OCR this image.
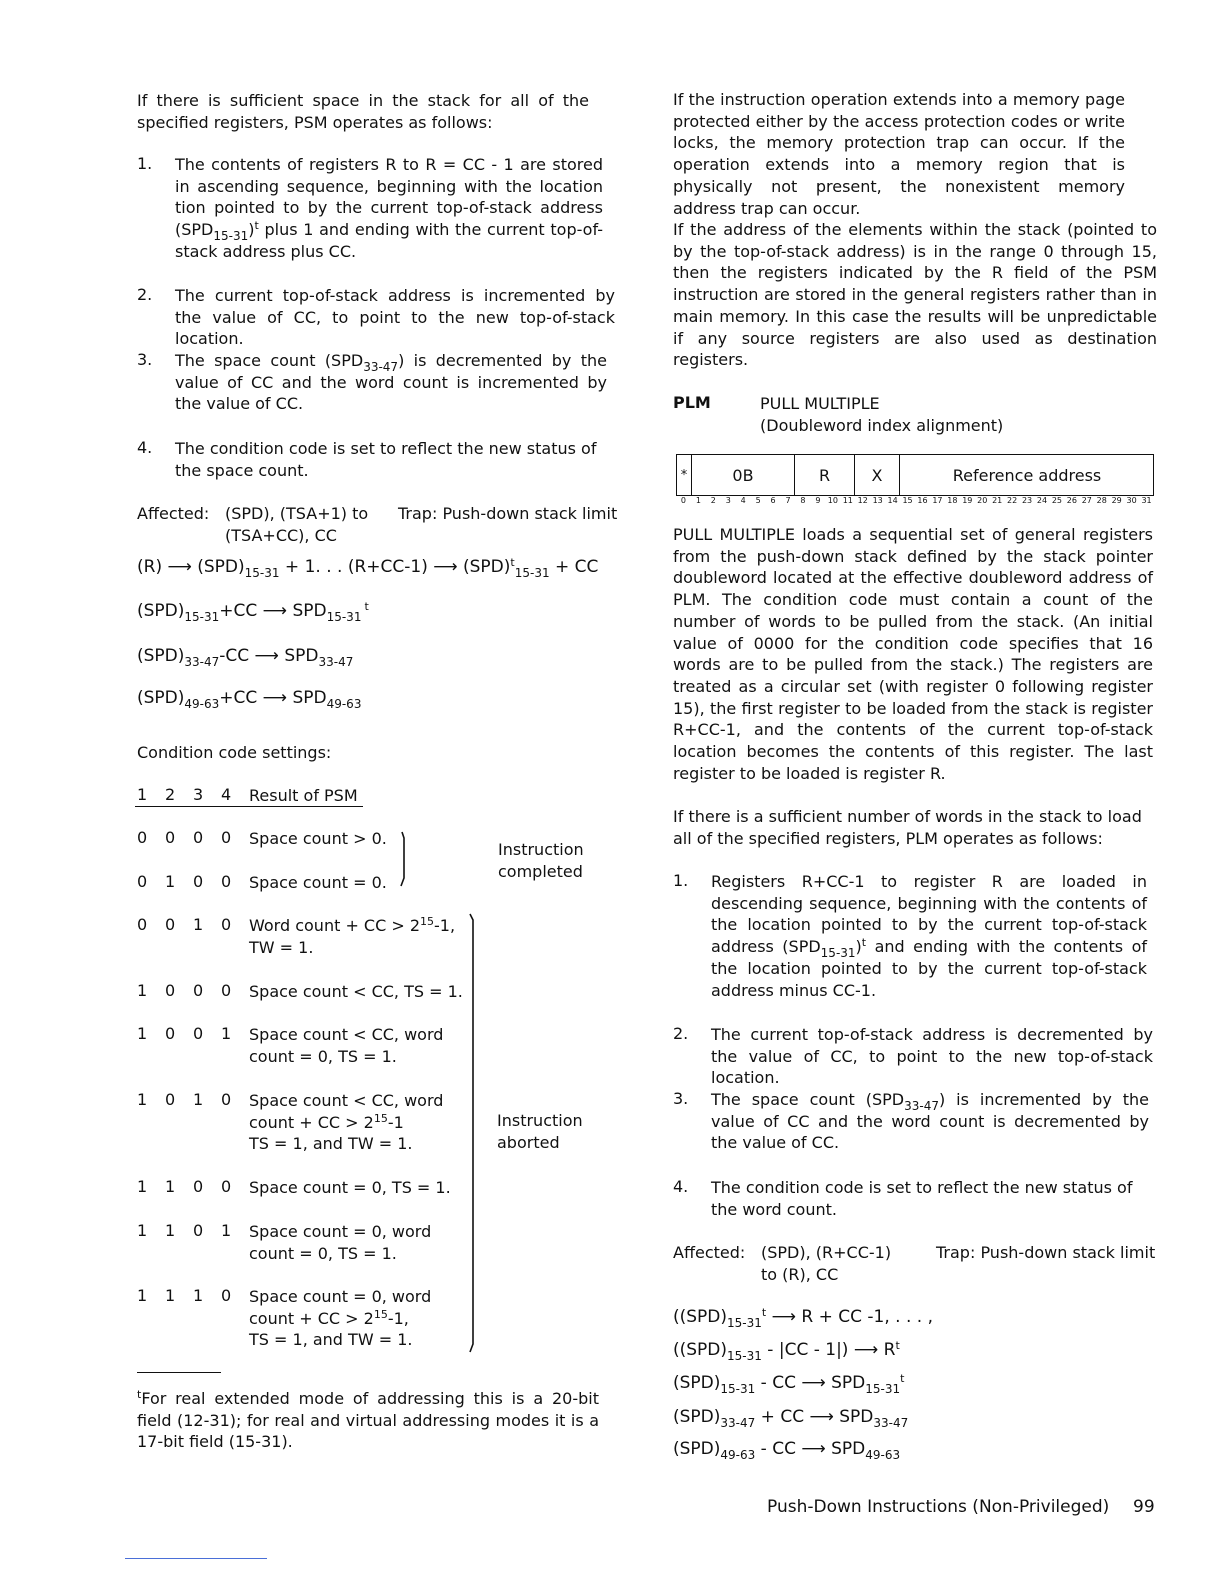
If there is sufficient space in the stack for all of the specified registers, PSM operates as follows:

1. The contents of registers R to R = CC - 1 are stored in ascending sequence, beginning with the location tion pointed to by the current top-of-stack address $(SPD_{15-31})^t$ plus 1 and ending with the current top-of-stack address plus CC.
2. The current top-of-stack address is incremented by the value of CC, to point to the new top-of-stack location.
3. The space count $(SPD_{33-47})$ is decremented by the value of CC and the word count is incremented by the value of CC.
4. The condition code is set to reflect the new status of the space count.
Affected: (SPD), (TSA+1) to
(TSA+CC), CC
Trap: Push-down stack limit
(R) ⟶ $(SPD)_{15-31} + 1$. . . (R+CC-1) ⟶ (SPD)$^t_{15-31}$ + CC
$(SPD)_{15-31}+CC$ ⟶ $SPD_{15-31}^t$
$(SPD)_{33-47}-CC$ ⟶ $SPD_{33-47}$
$(SPD)_{49-63}+CC$ ⟶ $SPD_{49-63}$
Condition code settings:
1 2 3 4 Result of PSM
0 0 0 0 Space count > 0.
0 1 0 0 Space count = 0.
0 0 1 0 Word count + CC > $2^{15}-1$,
TW = 1.
1 0 0 0 Space count < CC, TS = 1.
1 0 0 1 Space count < CC, word
count = 0, TS = 1.
1 0 1 0 Space count < CC, word
count + CC > $2^{15}-1$
TS = 1, and TW = 1.
1 1 0 0 Space count = 0, TS = 1.
1 1 0 1 Space count = 0, word
count = 0, TS = 1.
1 1 1 0 Space count = 0, word
count + CC > $2^{15}-1$,
TS = 1, and TW = 1.
Instruction
completed
Instruction
aborted
$^t$For real extended mode of addressing this is a 20-bit field (12-31); for real and virtual addressing modes it is a 17-bit field (15-31).

If the instruction operation extends into a memory page protected either by the access protection codes or write locks, the memory protection trap can occur. If the operation extends into a memory region that is physically not present, the nonexistent memory address trap can occur.

If the address of the elements within the stack (pointed to by the top-of-stack address) is in the range 0 through 15, then the registers indicated by the R field of the PSM instruction are stored in the general registers rather than in main memory. In this case the results will be unpredictable if any source registers are also used as destination registers.

PLM	PULL MULTIPLE
(Doubleword index alignment)
*	0B	R	X	Reference address
0	1	2	3	4	5	6	7	8	9 10 11 12 13 14 15 16 17 18 19 20 21 22 23 24 25 26 27 28 29 30 31

PULL MULTIPLE loads a sequential set of general registers from the push-down stack defined by the stack pointer doubleword located at the effective doubleword address of PLM. The condition code must contain a count of the number of words to be pulled from the stack. (An initial value of 0000 for the condition code specifies that 16 words are to be pulled from the stack.) The registers are treated as a circular set (with register 0 following register 15), the first register to be loaded from the stack is register R+CC-1, and the contents of the current top-of-stack location becomes the contents of this register. The last register to be loaded is register R.

If there is a sufficient number of words in the stack to load all of the specified registers, PLM operates as follows:

1. Registers R+CC-1 to register R are loaded in descending sequence, beginning with the contents of the location pointed to by the current top-of-stack address $(SPD_{15-31})^t$ and ending with the contents of the location pointed to by the current top-of-stack address minus CC-1.
2. The current top-of-stack address is decremented by the value of CC, to point to the new top-of-stack location.
3. The space count $(SPD_{33-47})$ is incremented by the value of CC and the word count is decremented by the value of CC.
4. The condition code is set to reflect the new status of the word count.
Affected: (SPD), (R+CC-1)
to (R), CC
Trap: Push-down stack limit
($(SPD)_{15-31}^t$ ⟶ R + CC -1, . . . ,
$((SPD)_{15-31} - |CC - 1|)$ ⟶ $R^t$
$(SPD)_{15-31}$ - CC ⟶ $SPD_{15-31}^t$
$(SPD)_{33-47}$ + CC ⟶ $SPD_{33-47}$
$(SPD)_{49-63}$ - CC ⟶ $SPD_{49-63}$
Push-Down Instructions (Non-Privileged) 99
